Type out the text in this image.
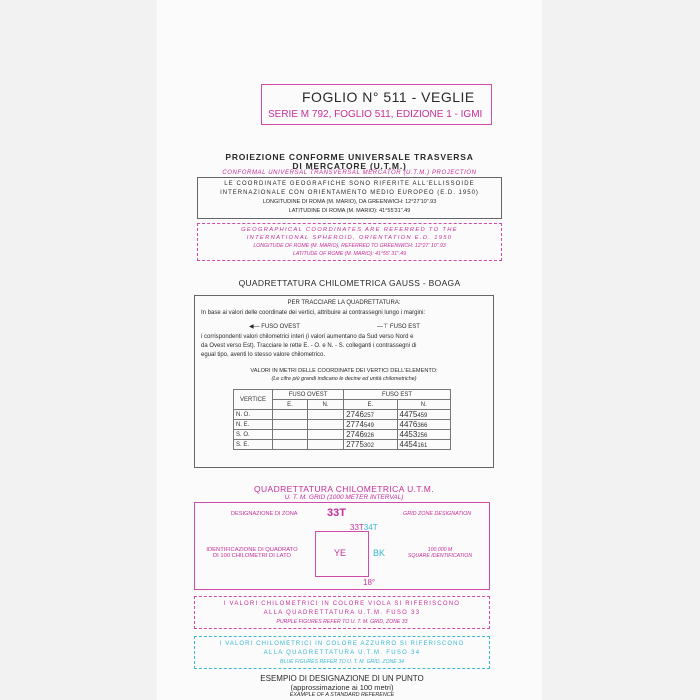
FOGLIO N° 511 - VEGLIE
SERIE M 792, FOGLIO 511, EDIZIONE 1 - IGMI
PROIEZIONE CONFORME UNIVERSALE TRASVERSA
DI MERCATORE (U.T.M.)
CONFORMAL UNIVERSAL TRANSVERSAL MERCATOR (U.T.M.) PROJECTION
LE COORDINATE GEOGRAFICHE SONO RIFERITE ALL'ELLISSOIDE
INTERNAZIONALE CON ORIENTAMENTO MEDIO EUROPEO (E.D. 1950)
LONGITUDINE DI ROMA (M. MARIO), DA GREENWICH: 12°27'10".93
LATITUDINE DI ROMA (M. MARIO): 41°55'31".49
GEOGRAPHICAL COORDINATES ARE REFERRED TO THE
INTERNATIONAL SPHEROID, ORIENTATION E.D. 1950
LONGITUDE OF ROME (M. MARIO), REFERRED TO GREENWICH: 12°27' 10".93
LATITUDE OF ROME (M. MARIO): 41°55' 31".49
QUADRETTATURA CHILOMETRICA GAUSS - BOAGA
PER TRACCIARE LA QUADRETTATURA:
In base ai valori delle coordinate dei vertici, attribuire ai contrassegni lungo i margini:
◀— FUSO OVEST	—⊤ FUSO EST
i corrispondenti valori chilometrici interi (i valori aumentano da Sud verso Nord e
da Ovest verso Est). Tracciare le rette E. - O. e N. - S. colleganti i contrassegni di
egual tipo, aventi lo stesso valore chilometrico.
VALORI IN METRI DELLE COORDINATE DEI VERTICI DELL'ELEMENTO:
(Le cifre più grandi indicano le decine ed unità chilometriche)
VERTICE	FUSO OVEST		FUSO EST	
	E.	N.	E.	N.
N. O.			2746257	4475459
N. E.			2774549	4476366
S. O.			2746926	4453256
S. E.			2775302	4454161
QUADRETTATURA CHILOMETRICA U.T.M.
U. T. M. GRID (1000 METER INTERVAL)
DESIGNAZIONE DI ZONA	33T	GRID ZONE DESIGNATION
33T34T
YE	BK
IDENTIFICAZIONE DI QUADRATO
DI 100 CHILOMETRI DI LATO
100.000 M
SQUARE IDENTIFICATION
18°
I VALORI CHILOMETRICI IN COLORE VIOLA SI RIFERISCONO
ALLA QUADRETTATURA U.T.M. FUSO 33
PURPLE FIGURES REFER TO U. T. M. GRID, ZONE 33
I VALORI CHILOMETRICI IN COLORE AZZURRO SI RIFERISCONO
ALLA QUADRETTATURA U.T.M. FUSO 34
BLUE FIGURES REFER TO U. T. M. GRID, ZONE 34
ESEMPIO DI DESIGNAZIONE DI UN PUNTO
(approssimazione ai 100 metri)
EXAMPLE OF A STANDARD REFERENCE
